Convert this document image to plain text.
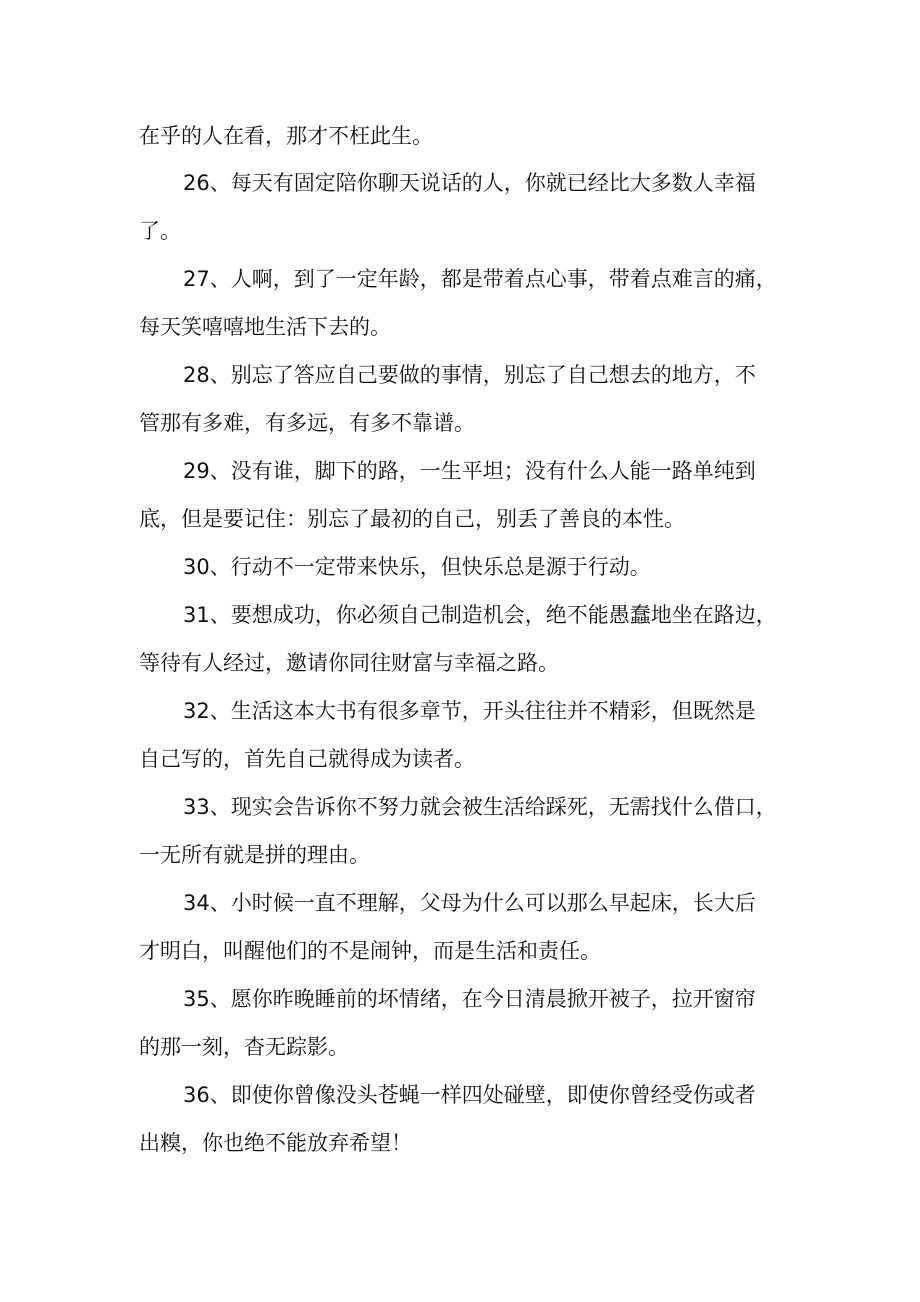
在乎的人在看，那才不枉此生。
26、每天有固定陪你聊天说话的人，你就已经比大多数人幸福
了。
27、人啊，到了一定年龄，都是带着点心事，带着点难言的痛，
每天笑嘻嘻地生活下去的。
28、别忘了答应自己要做的事情，别忘了自己想去的地方，不
管那有多难，有多远，有多不靠谱。
29、没有谁，脚下的路，一生平坦；没有什么人能一路单纯到
底，但是要记住：别忘了最初的自己，别丢了善良的本性。
30、行动不一定带来快乐，但快乐总是源于行动。
31、要想成功，你必须自己制造机会，绝不能愚蠢地坐在路边，
等待有人经过，邀请你同往财富与幸福之路。
32、生活这本大书有很多章节，开头往往并不精彩，但既然是
自己写的，首先自己就得成为读者。
33、现实会告诉你不努力就会被生活给踩死，无需找什么借口，
一无所有就是拼的理由。
34、小时候一直不理解，父母为什么可以那么早起床，长大后
才明白，叫醒他们的不是闹钟，而是生活和责任。
35、愿你昨晚睡前的坏情绪，在今日清晨掀开被子，拉开窗帘
的那一刻，杳无踪影。
36、即使你曾像没头苍蝇一样四处碰壁，即使你曾经受伤或者
出糗，你也绝不能放弃希望！
